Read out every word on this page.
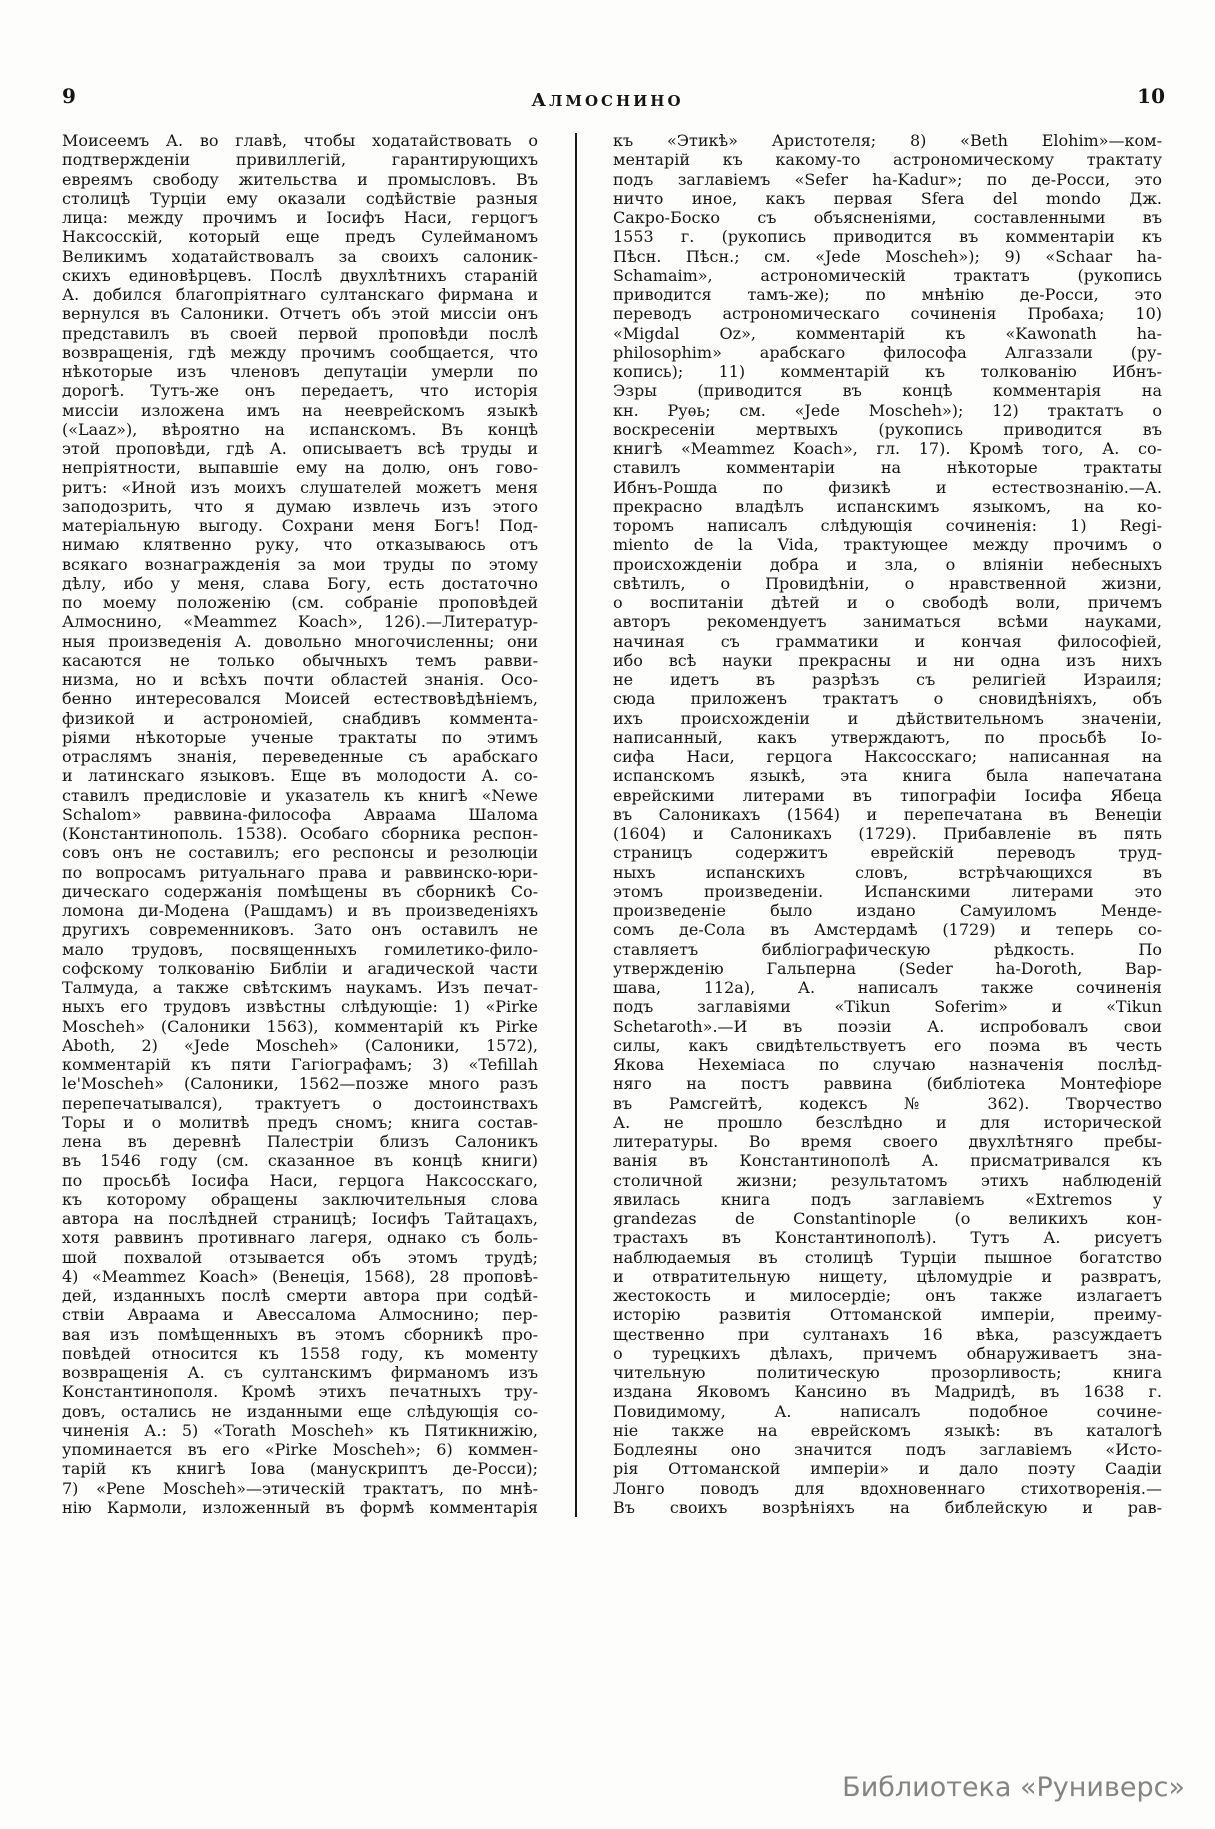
9	АЛМОСНИНО	10
Моисеемъ А. во главѣ, чтобы ходатайствовать о
подтвержденіи привиллегій, гарантирующихъ
евреямъ свободу жительства и промысловъ. Въ
столицѣ Турціи ему оказали содѣйствіе разныя
лица: между прочимъ и Іосифъ Наси, герцогъ
Наксосскій, который еще предъ Сулейманомъ
Великимъ ходатайствовалъ за своихъ салоник-
скихъ единовѣрцевъ. Послѣ двухлѣтнихъ стараній
А. добился благопріятнаго султанскаго фирмана и
вернулся въ Салоники. Отчетъ объ этой миссіи онъ
представилъ въ своей первой проповѣди послѣ
возвращенія, гдѣ между прочимъ сообщается, что
нѣкоторые изъ членовъ депутаціи умерли по
дорогѣ. Тутъ-же онъ передаетъ, что исторія
миссіи изложена имъ на нееврейскомъ языкѣ
(«Laaz»), вѣроятно на испанскомъ. Въ концѣ
этой проповѣди, гдѣ А. описываетъ всѣ труды и
непріятности, выпавшіе ему на долю, онъ гово-
ритъ: «Иной изъ моихъ слушателей можетъ меня
заподозрить, что я думаю извлечь изъ этого
матеріальную выгоду. Сохрани меня Богъ! Под-
нимаю клятвенно руку, что отказываюсь отъ
всякаго вознагражденія за мои труды по этому
дѣлу, ибо у меня, слава Богу, есть достаточно
по моему положенію (см. собраніе проповѣдей
Алмоснино, «Meammez Koach», 126).—Литератур-
ныя произведенія А. довольно многочисленны; они
касаются не только обычныхъ темъ равви-
низма, но и всѣхъ почти областей знанія. Осо-
бенно интересовался Моисей естествовѣдѣніемъ,
физикой и астрономіей, снабдивъ коммента-
ріями нѣкоторые ученые трактаты по этимъ
отраслямъ знанія, переведенные съ арабскаго
и латинскаго языковъ. Еще въ молодости А. со-
ставилъ предисловіе и указатель къ книгѣ «Newe
Schalom» раввина-философа Авраама Шалома
(Константинополь. 1538). Особаго сборника респон-
совъ онъ не составилъ; его респонсы и резолюціи
по вопросамъ ритуальнаго права и раввинско-юри-
дическаго содержанія помѣщены въ сборникѣ Со-
ломона ди-Модена (Рашдамъ) и въ произведеніяхъ
другихъ современниковъ. Зато онъ оставилъ не
мало трудовъ, посвященныхъ гомилетико-фило-
софскому толкованію Библіи и агадической части
Талмуда, а также свѣтскимъ наукамъ. Изъ печат-
ныхъ его трудовъ извѣстны слѣдующіе: 1) «Pirke
Moscheh» (Салоники 1563), комментарій къ Pirke
Aboth, 2) «Jede Moscheh» (Салоники, 1572),
комментарій къ пяти Гагіографамъ; 3) «Tefillah
le'Moscheh» (Салоники, 1562—позже много разъ
перепечатывался), трактуетъ о достоинствахъ
Торы и о молитвѣ предъ сномъ; книга состав-
лена въ деревнѣ Палестріи близъ Салоникъ
въ 1546 году (см. сказанное въ концѣ книги)
по просьбѣ Іосифа Наси, герцога Наксосскаго,
къ которому обращены заключительныя слова
автора на послѣдней страницѣ; Іосифъ Тайтацахъ,
хотя раввинъ противнаго лагеря, однако съ боль-
шой похвалой отзывается объ этомъ трудѣ;
4) «Meammez Koach» (Венеція, 1568), 28 проповѣ-
дей, изданныхъ послѣ смерти автора при содѣй-
ствіи Авраама и Авессалома Алмоснино; пер-
вая изъ помѣщенныхъ въ этомъ сборникѣ про-
повѣдей относится къ 1558 году, къ моменту
возвращенія А. съ султанскимъ фирманомъ изъ
Константинополя. Кромѣ этихъ печатныхъ тру-
довъ, остались не изданными еще слѣдующія со-
чиненія А.: 5) «Torath Moscheh» къ Пятикнижію,
упоминается въ его «Pirke Moscheh»; 6) коммен-
тарій къ книгѣ Іова (манускриптъ де-Росси);
7) «Pene Moscheh»—этическій трактатъ, по мнѣ-
нію Кармоли, изложенный въ формѣ комментарія
къ «Этикѣ» Аристотеля; 8) «Beth Elohim»—ком-
ментарій къ какому-то астрономическому трактату
подъ заглавіемъ «Sefer ha-Kadur»; по де-Росси, это
ничто иное, какъ первая Sfera del mondo Дж.
Сакро-Боско съ объясненіями, составленными въ
1553 г. (рукопись приводится въ комментаріи къ
Пѣсн. Пѣсн.; см. «Jede Moscheh»); 9) «Schaar ha-
Schamaim», астрономическій трактатъ (рукопись
приводится тамъ-же); по мнѣнію де-Росси, это
переводъ астрономическаго сочиненія Пробаха; 10)
«Migdal Oz», комментарій къ «Kawonath ha-
philosophim» арабскаго философа Алгаззали (ру-
копись); 11) комментарій къ толкованію Ибнъ-
Эзры (приводится въ концѣ комментарія на
кн. Руѳь; см. «Jede Moscheh»); 12) трактатъ о
воскресеніи мертвыхъ (рукопись приводится въ
книгѣ «Meammez Koach», гл. 17). Кромѣ того, А. со-
ставилъ комментаріи на нѣкоторые трактаты
Ибнъ-Рошда по физикѣ и естествознанію.—А.
прекрасно владѣлъ испанскимъ языкомъ, на ко-
торомъ написалъ слѣдующія сочиненія: 1) Regi-
miento de la Vida, трактующее между прочимъ о
происхожденіи добра и зла, о вліяніи небесныхъ
свѣтилъ, о Провидѣніи, о нравственной жизни,
о воспитаніи дѣтей и о свободѣ воли, причемъ
авторъ рекомендуетъ заниматься всѣми науками,
начиная съ грамматики и кончая философіей,
ибо всѣ науки прекрасны и ни одна изъ нихъ
не идетъ въ разрѣзъ съ религіей Израиля;
сюда приложенъ трактатъ о сновидѣніяхъ, объ
ихъ происхожденіи и дѣйствительномъ значеніи,
написанный, какъ утверждаютъ, по просьбѣ Іо-
сифа Наси, герцога Наксосскаго; написанная на
испанскомъ языкѣ, эта книга была напечатана
еврейскими литерами въ типографіи Іосифа Ябеца
въ Салоникахъ (1564) и перепечатана въ Венеціи
(1604) и Салоникахъ (1729). Прибавленіе въ пять
страницъ содержитъ еврейскій переводъ труд-
ныхъ испанскихъ словъ, встрѣчающихся въ
этомъ произведеніи. Испанскими литерами это
произведеніе было издано Самуиломъ Менде-
сомъ де-Сола въ Амстердамѣ (1729) и теперь со-
ставляетъ библіографическую рѣдкость. По
утвержденію Гальперна (Seder ha-Doroth, Вар-
шава, 112а), А. написалъ также сочиненія
подъ заглавіями «Tikun Soferim» и «Tikun
Schetaroth».—И въ поэзіи А. испробовалъ свои
силы, какъ свидѣтельствуетъ его поэма въ честь
Якова Нехеміаса по случаю назначенія послѣд-
няго на постъ раввина (библіотека Монтефіоре
въ Рамсгейтѣ, кодексъ № 362). Творчество
А. не прошло безслѣдно и для исторической
литературы. Во время своего двухлѣтняго пребы-
ванія въ Константинополѣ А. присматривался къ
столичной жизни; результатомъ этихъ наблюденій
явилась книга подъ заглавіемъ «Extremos y
grandezas de Constantinople (о великихъ кон-
трастахъ въ Константинополѣ). Тутъ А. рисуетъ
наблюдаемыя въ столицѣ Турціи пышное богатство
и отвратительную нищету, цѣломудріе и развратъ,
жестокость и милосердіе; онъ также излагаетъ
исторію развитія Оттоманской имперіи, преиму-
щественно при султанахъ 16 вѣка, разсуждаетъ
о турецкихъ дѣлахъ, причемъ обнаруживаетъ зна-
чительную политическую прозорливость; книга
издана Яковомъ Кансино въ Мадридѣ, въ 1638 г.
Повидимому, А. написалъ подобное сочине-
ніе также на еврейскомъ языкѣ: въ каталогѣ
Бодлеяны оно значится подъ заглавіемъ «Исто-
рія Оттоманской имперіи» и дало поэту Саадіи
Лонго поводъ для вдохновеннаго стихотворенія.—
Въ своихъ возрѣніяхъ на библейскую и рав-
Библиотека «Руниверс»
